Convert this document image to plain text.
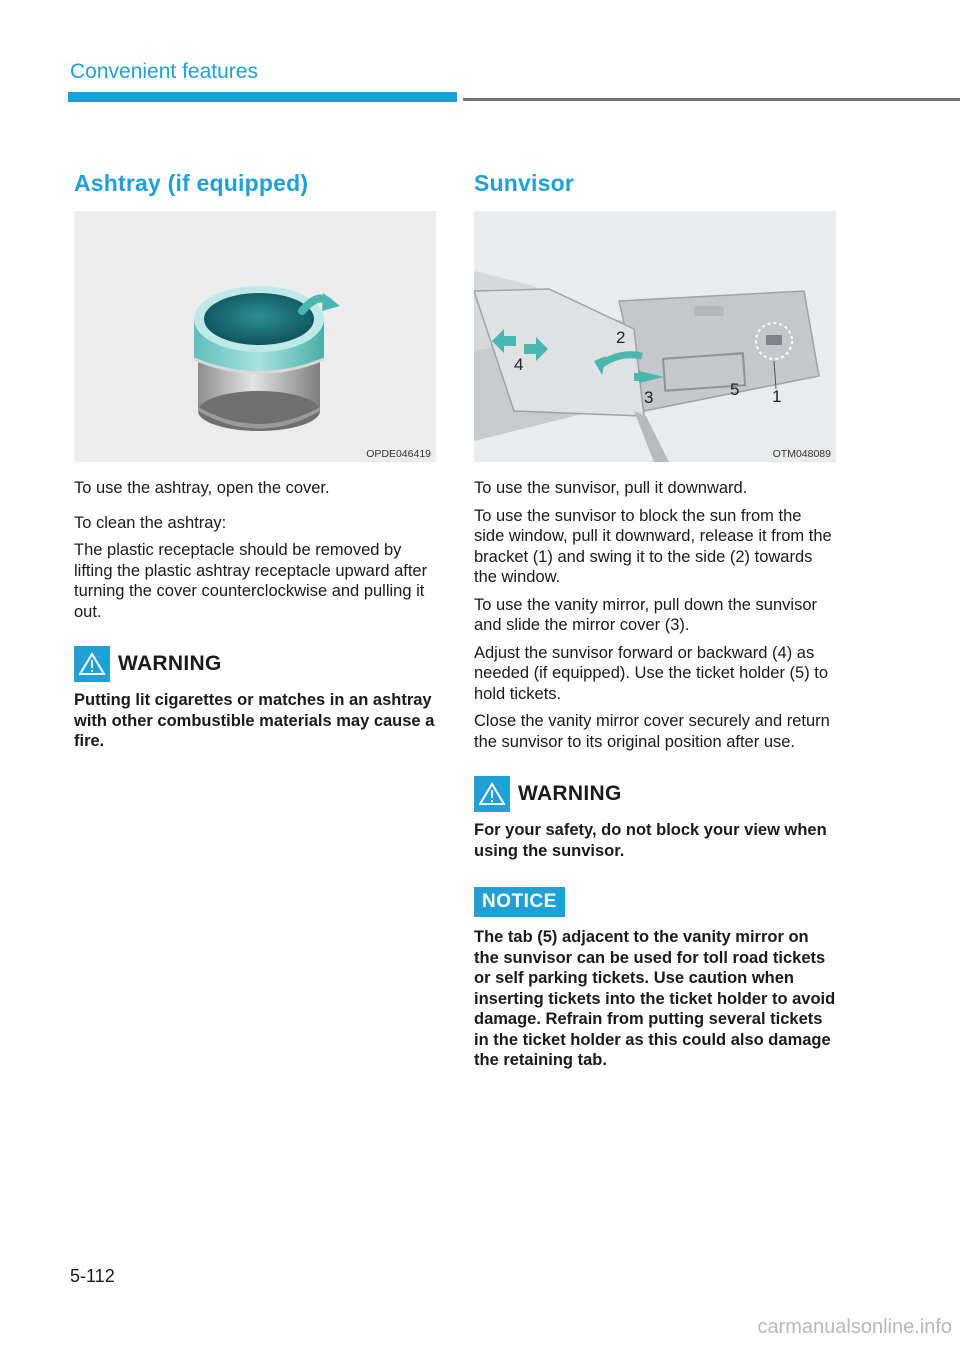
Convenient features
Ashtray (if equipped)
OPDE046419

To use the ashtray, open the cover.

To clean the ashtray:

The plastic receptacle should be removed by lifting the plastic ashtray receptacle upward after turning the cover counterclockwise and pulling it out.

WARNING

Putting lit cigarettes or matches in an ashtray with other combustible materials may cause a fire.

Sunvisor
1
2
3
4
5
OTM048089

To use the sunvisor, pull it downward.

To use the sunvisor to block the sun from the side window, pull it downward, release it from the bracket (1) and swing it to the side (2) towards the window.

To use the vanity mirror, pull down the sunvisor and slide the mirror cover (3).

Adjust the sunvisor forward or backward (4) as needed (if equipped). Use the ticket holder (5) to hold tickets.

Close the vanity mirror cover securely and return the sunvisor to its original position after use.

WARNING

For your safety, do not block your view when using the sunvisor.

NOTICE

The tab (5) adjacent to the vanity mirror on the sunvisor can be used for toll road tickets or self parking tickets. Use caution when inserting tickets into the ticket holder to avoid damage. Refrain from putting several tickets in the ticket holder as this could also damage the retaining tab.

5-112
carmanualsonline.info
